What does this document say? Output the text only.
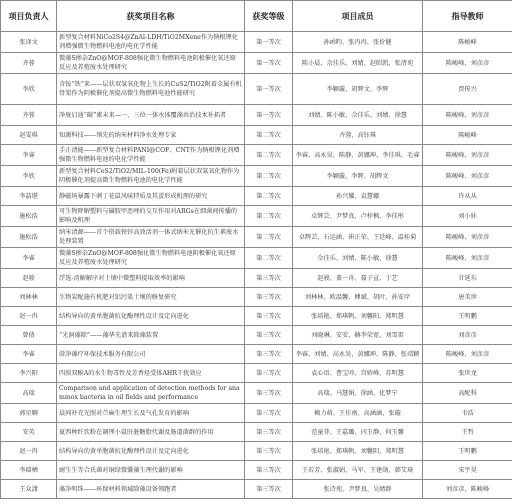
项目负责人	获奖项目名称	获奖等级	项目成员	指导教师

张译文	新型复合材料NiCo2S4@ZnAl-LDH/TiO2MXene作为钠根锂化剂增强微生物燃料电池的电化学性能	第一等次	孙函昀、张冉冉、张价健	陈峻峰

齐蓉	微藻S掺杂ZnO@MOF-808强化微生物燃料电池阴极催化氧还原反应及养殖废水处理研究	第一等次	陈小晨、佘佳乐、刘婧、赵昭凯、张清苑	陈峻峰、刘彦彦

李欣	含铵“铁”来——层状双氢氧化物上生长的CuS2/TiO2附着金属有机骨架作为阴极催化剂提高微生物燃料电池性能研究	第一等次	李颖璇、胡辉文、李辉	贾传兴

齐蓉	净废启迪“碳”素未来—一、三位一体水体覆藻共治技术补拓者	第一等次	刘婧、陈小敏、佘佳乐、刘婧、徐慧	陈峻峰、刘彦彦

赵雯琪	知源科技——领先的纳米材料净水处理专家	第二等次	齐蓉、高钰琪	陈峻峰

李睿	手正清能——新型复合材料PANI@COF、CNT作为钠根锂化剂增强微生物燃料电池的电化学性能	第二等次	李睿、高永昊、陈静、黄娜坤、李佳琪、毛睿	陈峻峰、刘彦彦

李欣	新型复合材料CeS2/TiO2/MIL-100(Fe)附着层状双氢氧化物作为阴极催化剂提高微生物燃料电池的电化学性能	第二等次	李颖璇、李辉、胡辉文	陈峻峰、刘彦彦

李喆堪	静磁场暴露下刺丁花鼠风味特质及其蛋形成机理的研究	第二等次	孙兴耀、袁慧娜	许从从

施松浩	可生物降解塑料与磺胺甲恶唑的交互作用对ARGs在细菌间传播的影响及机理	第二等次	卓辉芸、尹梦真、卢梓枫、李佳彤	刘小娃

施松浩	纳米清源——首个搭载铁锌高效活剂一体式纳米光催化抗生素废水处理装置	第二等次	卓辉芸、石运涵、崔正荣、王廷峰、温桂菊	陈峻峰、刘彦彦

李睿	微藻S掺杂ZnO@MOF-808强化微生物燃料电池阴极催化氧还原反应及养殖废水处理研究	第二等次	佘佳乐、刘婧、陈小敏、徐慧	陈峻峰、刘彦彦

赵骏	浮选-消解解序对土壤中微塑料提取效率的影响	第三等次	赵骏、盖一舟、聂子宣、于艺	甘延东

刘林林	生物炭配施有机肥对铝污染土壤的修复研究	第三等次	刘林林、欧温馨、傅斌、胡叶、孙安岸	唐美珍

赵一冉	结构导向的黄单胞菌抗化酶理性设计及定向进化	第三等次	张培艳、郑琪帆、刘馨阳、郑明慧	王明鹏

曾倩	“光洞藻除”——藻华光谱来除藻装置	第三等次	刘晓琳、安安、赫李荣宽、刘雪雷	刘彦彦

李睿	澄净藻疗环保技术服务有限公司	第三等次	李睿、刘婧、高永昊、黄娜坤、陈静、张靖颖	陈峻峰、刘彦彦

李兴阳	四溴双酚A的水生物毒性及芳香烃受体AHR干扰效应	第三等次	袁心语、曹宝吟、宫娇峰、苏明慧	张世龙

高瑞	Comparison and application of detection methods for anammox bacteria in oil fields and performance	第三等次	高瑞、马慧娟、徐涵、化梦宁	高配科

郭星聊	晨间补充光照对苎麻生理生长及气孔发育的影响	第三等次	赖力萌、王佳南、高涵涵、张璇	韦浩

安英	夏西种纤饮粉在调理小鼠肝脏糖脂代谢及肠道菌群的作用	第三等次	范童菲、王嘉璐、闫玉静、何玉馨	王哲

赵一冉	结构导向的黄单胞菌抗化酶理性设计及定向进化	第三等次	张培艳、郑琪帆、刘馨阳、郑明慧	王明鹏

李瑞栖	耐生生等合氏菌对铜绿微囊藻生理代谢的影响	第三等次	王若芳、张淑娟、马军、王建勋、韩艾琦	宋宇昊

王众潇	藻净明珠——环保材料领域除藻设备领跑者	第三等次	张诗苑、尹梦真、吴婧群	刘彦彦、陈峻峰
